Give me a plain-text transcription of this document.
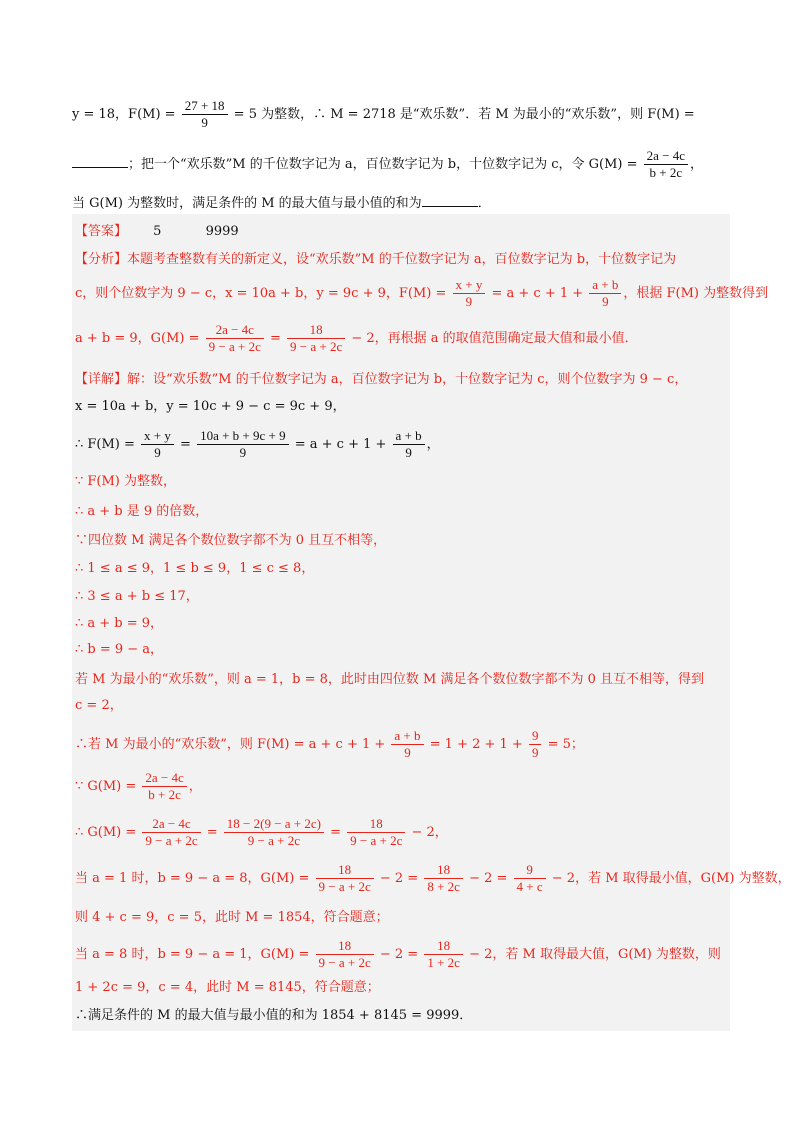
y = 18，$F(M) = \frac{27 + 18}{9} = 5$ 为整数，∴ M = 2718 是“欢乐数”．若 M 为最小的“欢乐数”，则 F(M) =
；把一个“欢乐数”M 的千位数字记为 a，百位数字记为 b，十位数字记为 c，令 $G(M) = \frac{2a - 4c}{b + 2c}$ ，
当 G(M) 为整数时，满足条件的 M 的最大值与最小值的和为	．
【答案】 5	9999
【分析】本题考查整数有关的新定义，设“欢乐数”M 的千位数字记为 a，百位数字记为 b，十位数字记为
c，则个位数字为 9 − c，x = 10a + b，y = 9c + 9，$F(M) = \frac{x + y}{9} = a + c + 1 + \frac{a + b}{9}$ ，根据 F(M) 为整数得到
a + b = 9，$G(M) = \frac{2a - 4c}{9 - a + 2c} = \frac{18}{9 - a + 2c} - 2$，再根据 a 的取值范围确定最大值和最小值．
【详解】解：设“欢乐数”M 的千位数字记为 a，百位数字记为 b，十位数字记为 c，则个位数字为 9 − c，
x = 10a + b，y = 10c + 9 − c = 9c + 9，
∴ $F(M) = \frac{x + y}{9} = \frac{10a + b + 9c + 9}{9} = a + c + 1 + \frac{a + b}{9}$ ，
∵ F(M) 为整数，
∴ a + b 是 9 的倍数，
∵四位数 M 满足各个数位数字都不为 0 且互不相等，
∴ 1 ≤ a ≤ 9，1 ≤ b ≤ 9，1 ≤ c ≤ 8，
∴ 3 ≤ a + b ≤ 17，
∴ a + b = 9，
∴ b = 9 − a，
若 M 为最小的“欢乐数”，则 a = 1，b = 8，此时由四位数 M 满足各个数位数字都不为 0 且互不相等，得到
c = 2，
∴若 M 为最小的“欢乐数”，则 $F(M) = a + c + 1 + \frac{a + b}{9} = 1 + 2 + 1 + \frac{9}{9} = 5$；
∵ $G(M) = \frac{2a - 4c}{b + 2c}$ ，
∴ $G(M) = \frac{2a - 4c}{9 - a + 2c} = \frac{18 - 2(9 - a + 2c)}{9 - a + 2c} = \frac{18}{9 - a + 2c} - 2$，
当 a = 1 时，b = 9 − a = 8，$G(M) = \frac{18}{9 - a + 2c} - 2 = \frac{18}{8 + 2c} - 2 = \frac{9}{4 + c} - 2$，若 M 取得最小值，G(M) 为整数，
则 4 + c = 9，c = 5，此时 M = 1854，符合题意；
当 a = 8 时，b = 9 − a = 1，$G(M) = \frac{18}{9 - a + 2c} - 2 = \frac{18}{1 + 2c} - 2$，若 M 取得最大值，G(M) 为整数，则
1 + 2c = 9，c = 4，此时 M = 8145，符合题意；
∴满足条件的 M 的最大值与最小值的和为 1854 + 8145 = 9999．
